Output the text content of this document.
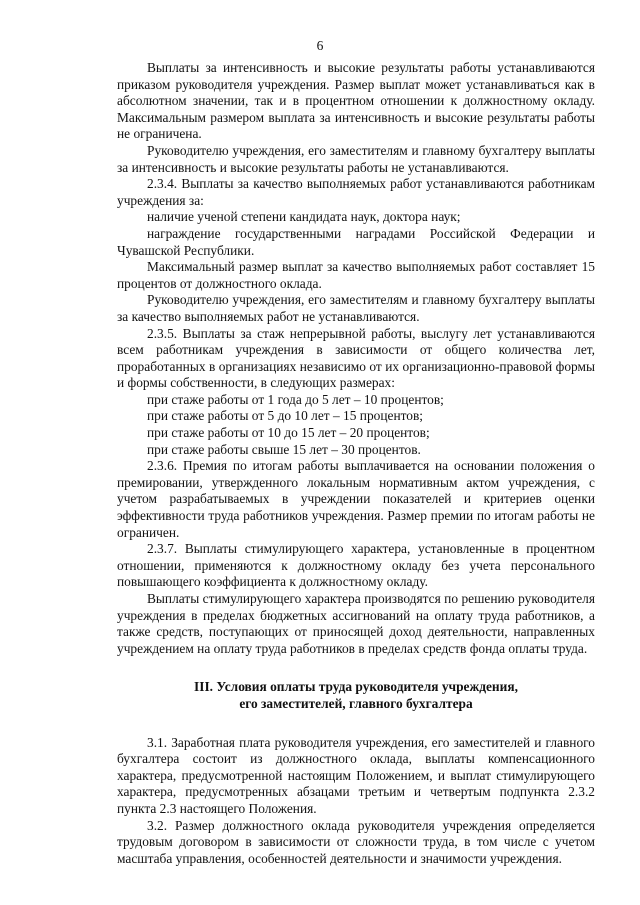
6

Выплаты за интенсивность и высокие результаты работы устанавливаются приказом руководителя учреждения. Размер выплат может устанавливаться как в абсолютном значении, так и в процентном отношении к должностному окладу. Максимальным размером выплата за интенсивность и высокие результаты работы не ограничена.

Руководителю учреждения, его заместителям и главному бухгалтеру выплаты за интенсивность и высокие результаты работы не устанавливаются.

2.3.4. Выплаты за качество выполняемых работ устанавливаются работникам учреждения за:

наличие ученой степени кандидата наук, доктора наук;

награждение государственными наградами Российской Федерации и Чувашской Республики.

Максимальный размер выплат за качество выполняемых работ составляет 15 процентов от должностного оклада.

Руководителю учреждения, его заместителям и главному бухгалтеру выплаты за качество выполняемых работ не устанавливаются.

2.3.5. Выплаты за стаж непрерывной работы, выслугу лет устанавливаются всем работникам учреждения в зависимости от общего количества лет, проработанных в организациях независимо от их организационно-правовой формы и формы собственности, в следующих размерах:

при стаже работы от 1 года до 5 лет – 10 процентов;

при стаже работы от 5 до 10 лет – 15 процентов;

при стаже работы от 10 до 15 лет – 20 процентов;

при стаже работы свыше 15 лет – 30 процентов.

2.3.6. Премия по итогам работы выплачивается на основании положения о премировании, утвержденного локальным нормативным актом учреждения, с учетом разрабатываемых в учреждении показателей и критериев оценки эффективности труда работников учреждения. Размер премии по итогам работы не ограничен.

2.3.7. Выплаты стимулирующего характера, установленные в процентном отношении, применяются к должностному окладу без учета персонального повышающего коэффициента к должностному окладу.

Выплаты стимулирующего характера производятся по решению руководителя учреждения в пределах бюджетных ассигнований на оплату труда работников, а также средств, поступающих от приносящей доход деятельности, направленных учреждением на оплату труда работников в пределах средств фонда оплаты труда.

III. Условия оплаты труда руководителя учреждения,
его заместителей, главного бухгалтера

3.1. Заработная плата руководителя учреждения, его заместителей и главного бухгалтера состоит из должностного оклада, выплаты компенсационного характера, предусмотренной настоящим Положением, и выплат стимулирующего характера, предусмотренных абзацами третьим и четвертым подпункта 2.3.2 пункта 2.3 настоящего Положения.

3.2. Размер должностного оклада руководителя учреждения определяется трудовым договором в зависимости от сложности труда, в том числе с учетом масштаба управления, особенностей деятельности и значимости учреждения.
